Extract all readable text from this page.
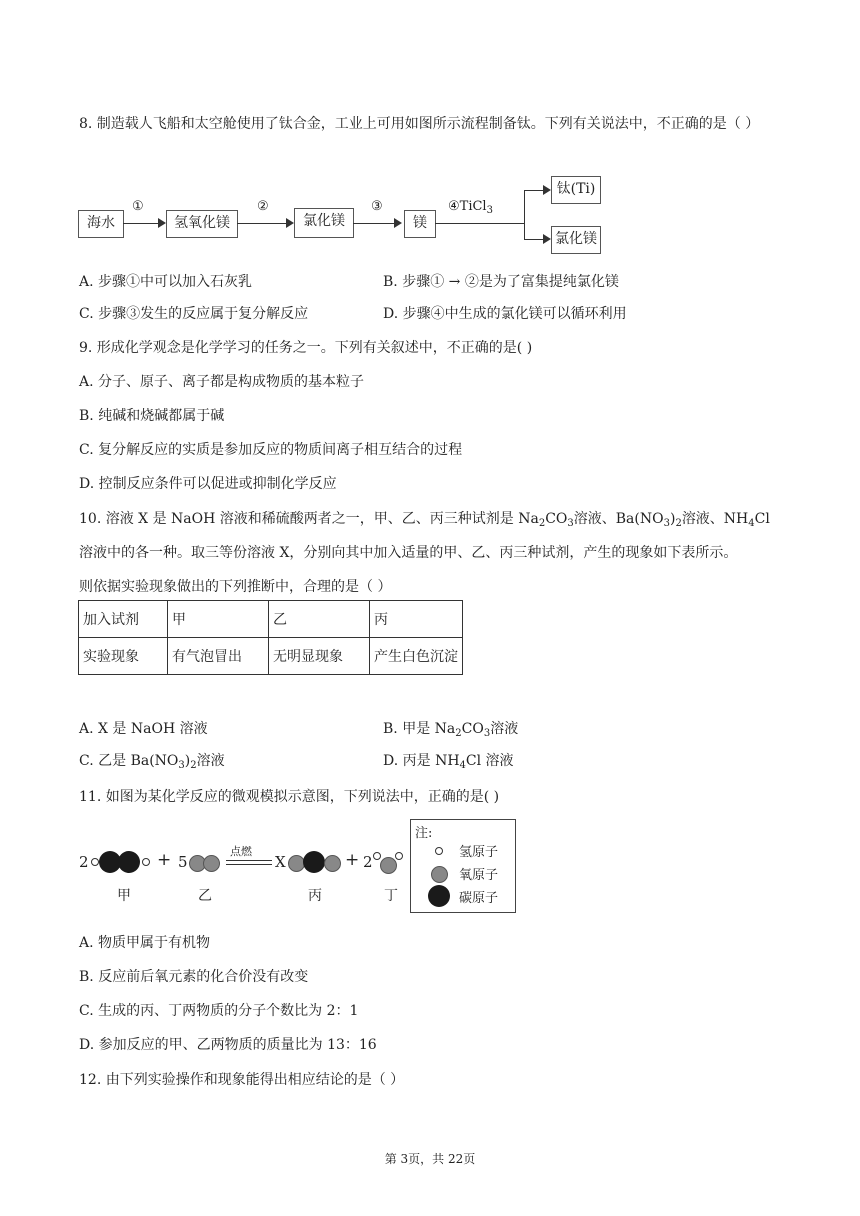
8. 制造载人飞船和太空舱使用了钛合金，工业上可用如图所示流程制备钛。下列有关说法中，不正确的是（ ）
海水
①
氢氧化镁
②
氯化镁
③
镁
④TiCl$_3$
钛(Ti)
氯化镁
A. 步骤①中可以加入石灰乳	B. 步骤① → ②是为了富集提纯氯化镁
C. 步骤③发生的反应属于复分解反应	D. 步骤④中生成的氯化镁可以循环利用
9. 形成化学观念是化学学习的任务之一。下列有关叙述中，不正确的是( )
A. 分子、原子、离子都是构成物质的基本粒子
B. 纯碱和烧碱都属于碱
C. 复分解反应的实质是参加反应的物质间离子相互结合的过程
D. 控制反应条件可以促进或抑制化学反应
10. 溶液 X 是 NaOH 溶液和稀硫酸两者之一，甲、乙、丙三种试剂是 $Na_2CO_3$溶液、$Ba(NO_3)_2$溶液、$NH_4Cl$
溶液中的各一种。取三等份溶液 X，分别向其中加入适量的甲、乙、丙三种试剂，产生的现象如下表所示。
则依据实验现象做出的下列推断中，合理的是（ ）
加入试剂	甲	乙	丙
实验现象	有气泡冒出	无明显现象	产生白色沉淀
A. X 是 NaOH 溶液	B. 甲是 $Na_2CO_3$溶液
C. 乙是 $Ba(NO_3)_2$溶液	D. 丙是 $NH_4Cl$ 溶液
11. 如图为某化学反应的微观模拟示意图，下列说法中，正确的是( )
2	+ 5
点燃
X	+ 2
甲	乙	丙	丁
注:
氢原子
氧原子
碳原子
A. 物质甲属于有机物
B. 反应前后氧元素的化合价没有改变
C. 生成的丙、丁两物质的分子个数比为 2：1
D. 参加反应的甲、乙两物质的质量比为 13：16
12. 由下列实验操作和现象能得出相应结论的是（ ）
第 3页，共 22页
